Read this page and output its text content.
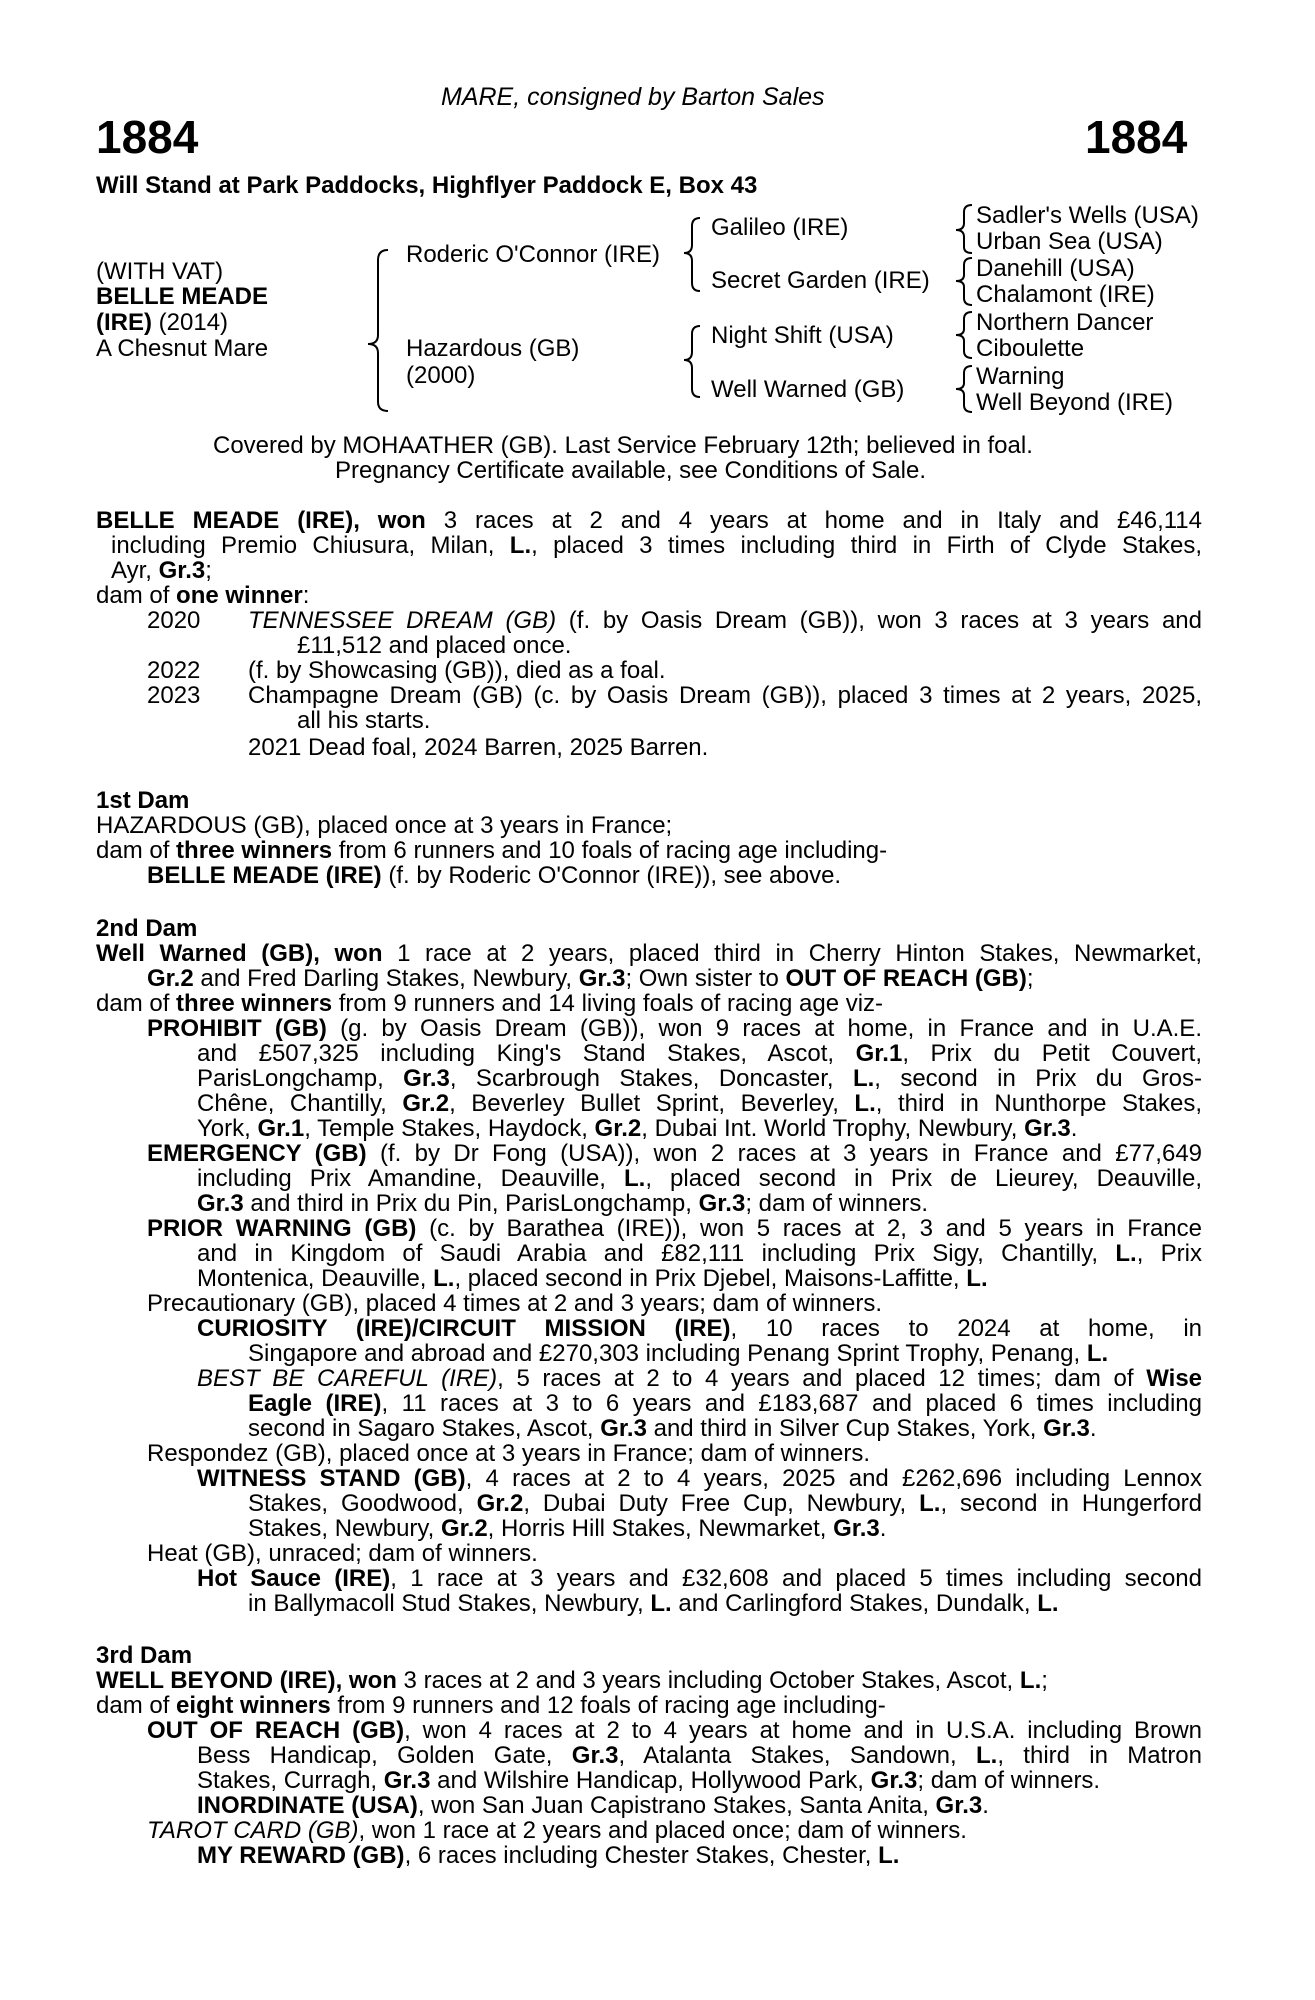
MARE, consigned by Barton Sales
1884	1884
Will Stand at Park Paddocks, Highflyer Paddock E, Box 43
(WITH VAT)
BELLE MEADE
(IRE) (2014)
A Chesnut Mare
Roderic O'Connor (IRE)
Hazardous (GB)
(2000)
Galileo (IRE)
Secret Garden (IRE)
Night Shift (USA)
Well Warned (GB)
Sadler's Wells (USA)
Urban Sea (USA)
Danehill (USA)
Chalamont (IRE)
Northern Dancer
Ciboulette
Warning
Well Beyond (IRE)
Covered by MOHAATHER (GB). Last Service February 12th; believed in foal.
Pregnancy Certificate available, see Conditions of Sale.
BELLE MEADE (IRE), won 3 races at 2 and 4 years at home and in Italy and £46,114
including Premio Chiusura, Milan, L., placed 3 times including third in Firth of Clyde Stakes,
Ayr, Gr.3;
dam of one winner:
2020 TENNESSEE DREAM (GB) (f. by Oasis Dream (GB)), won 3 races at 3 years and
£11,512 and placed once.
2022 (f. by Showcasing (GB)), died as a foal.
2023 Champagne Dream (GB) (c. by Oasis Dream (GB)), placed 3 times at 2 years, 2025,
all his starts.
2021 Dead foal, 2024 Barren, 2025 Barren.
1st Dam
HAZARDOUS (GB), placed once at 3 years in France;
dam of three winners from 6 runners and 10 foals of racing age including-
BELLE MEADE (IRE) (f. by Roderic O'Connor (IRE)), see above.
2nd Dam
Well Warned (GB), won 1 race at 2 years, placed third in Cherry Hinton Stakes, Newmarket,
Gr.2 and Fred Darling Stakes, Newbury, Gr.3; Own sister to OUT OF REACH (GB);
dam of three winners from 9 runners and 14 living foals of racing age viz-
PROHIBIT (GB) (g. by Oasis Dream (GB)), won 9 races at home, in France and in U.A.E.
and £507,325 including King's Stand Stakes, Ascot, Gr.1, Prix du Petit Couvert,
ParisLongchamp, Gr.3, Scarbrough Stakes, Doncaster, L., second in Prix du Gros-
Chêne, Chantilly, Gr.2, Beverley Bullet Sprint, Beverley, L., third in Nunthorpe Stakes,
York, Gr.1, Temple Stakes, Haydock, Gr.2, Dubai Int. World Trophy, Newbury, Gr.3.
EMERGENCY (GB) (f. by Dr Fong (USA)), won 2 races at 3 years in France and £77,649
including Prix Amandine, Deauville, L., placed second in Prix de Lieurey, Deauville,
Gr.3 and third in Prix du Pin, ParisLongchamp, Gr.3; dam of winners.
PRIOR WARNING (GB) (c. by Barathea (IRE)), won 5 races at 2, 3 and 5 years in France
and in Kingdom of Saudi Arabia and £82,111 including Prix Sigy, Chantilly, L., Prix
Montenica, Deauville, L., placed second in Prix Djebel, Maisons-Laffitte, L.
Precautionary (GB), placed 4 times at 2 and 3 years; dam of winners.
CURIOSITY (IRE)/CIRCUIT MISSION (IRE), 10 races to 2024 at home, in
Singapore and abroad and £270,303 including Penang Sprint Trophy, Penang, L.
BEST BE CAREFUL (IRE), 5 races at 2 to 4 years and placed 12 times; dam of Wise
Eagle (IRE), 11 races at 3 to 6 years and £183,687 and placed 6 times including
second in Sagaro Stakes, Ascot, Gr.3 and third in Silver Cup Stakes, York, Gr.3.
Respondez (GB), placed once at 3 years in France; dam of winners.
WITNESS STAND (GB), 4 races at 2 to 4 years, 2025 and £262,696 including Lennox
Stakes, Goodwood, Gr.2, Dubai Duty Free Cup, Newbury, L., second in Hungerford
Stakes, Newbury, Gr.2, Horris Hill Stakes, Newmarket, Gr.3.
Heat (GB), unraced; dam of winners.
Hot Sauce (IRE), 1 race at 3 years and £32,608 and placed 5 times including second
in Ballymacoll Stud Stakes, Newbury, L. and Carlingford Stakes, Dundalk, L.
3rd Dam
WELL BEYOND (IRE), won 3 races at 2 and 3 years including October Stakes, Ascot, L.;
dam of eight winners from 9 runners and 12 foals of racing age including-
OUT OF REACH (GB), won 4 races at 2 to 4 years at home and in U.S.A. including Brown
Bess Handicap, Golden Gate, Gr.3, Atalanta Stakes, Sandown, L., third in Matron
Stakes, Curragh, Gr.3 and Wilshire Handicap, Hollywood Park, Gr.3; dam of winners.
INORDINATE (USA), won San Juan Capistrano Stakes, Santa Anita, Gr.3.
TAROT CARD (GB), won 1 race at 2 years and placed once; dam of winners.
MY REWARD (GB), 6 races including Chester Stakes, Chester, L.
